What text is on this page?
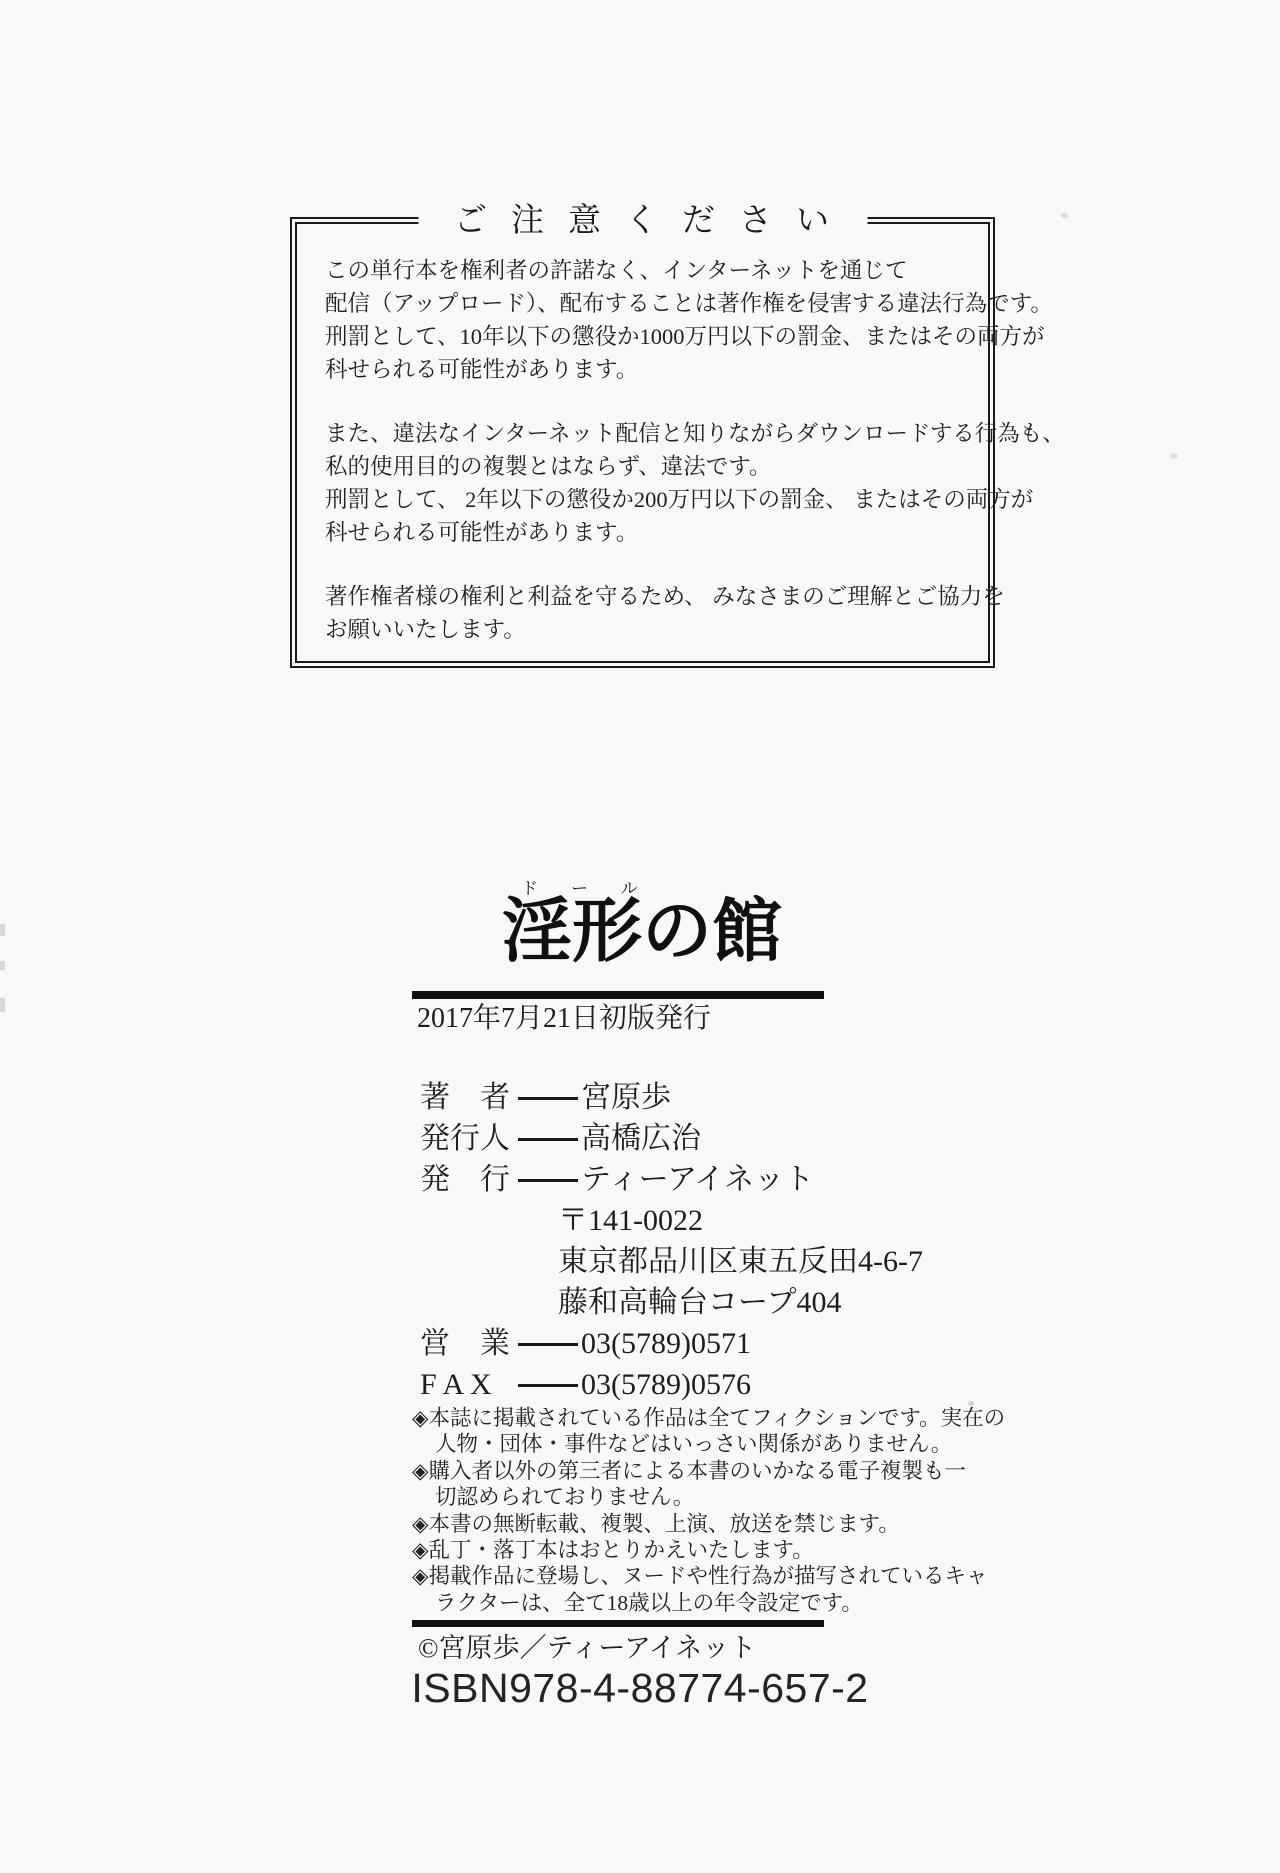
ご注意ください
この単行本を権利者の許諾なく、インターネットを通じて
配信（アップロード）、配布することは著作権を侵害する違法行為です。
刑罰として、10年以下の懲役か1000万円以下の罰金、またはその両方が
科せられる可能性があります。
また、違法なインターネット配信と知りながらダウンロードする行為も、
私的使用目的の複製とはならず、違法です。
刑罰として、 2年以下の懲役か200万円以下の罰金、 またはその両方が
科せられる可能性があります。
著作権者様の権利と利益を守るため、 みなさまのご理解とご協力を
お願いいたします。
ドール
淫形の館
2017年7月21日初版発行
著　者 宮原歩
発行人 高橋広治
発　行 ティーアイネット
〒141-0022
東京都品川区東五反田4-6-7
藤和高輪台コープ404
営　業 03(5789)0571
F A X	03(5789)0576
◈本誌に掲載されている作品は全てフィクションです。実在の
人物・団体・事件などはいっさい関係がありません。
◈購入者以外の第三者による本書のいかなる電子複製も一
切認められておりません。
◈本書の無断転載、複製、上演、放送を禁じます。
◈乱丁・落丁本はおとりかえいたします。
◈掲載作品に登場し、ヌードや性行為が描写されているキャ
ラクターは、全て18歳以上の年令設定です。
©宮原歩／ティーアイネット
ISBN978-4-88774-657-2
